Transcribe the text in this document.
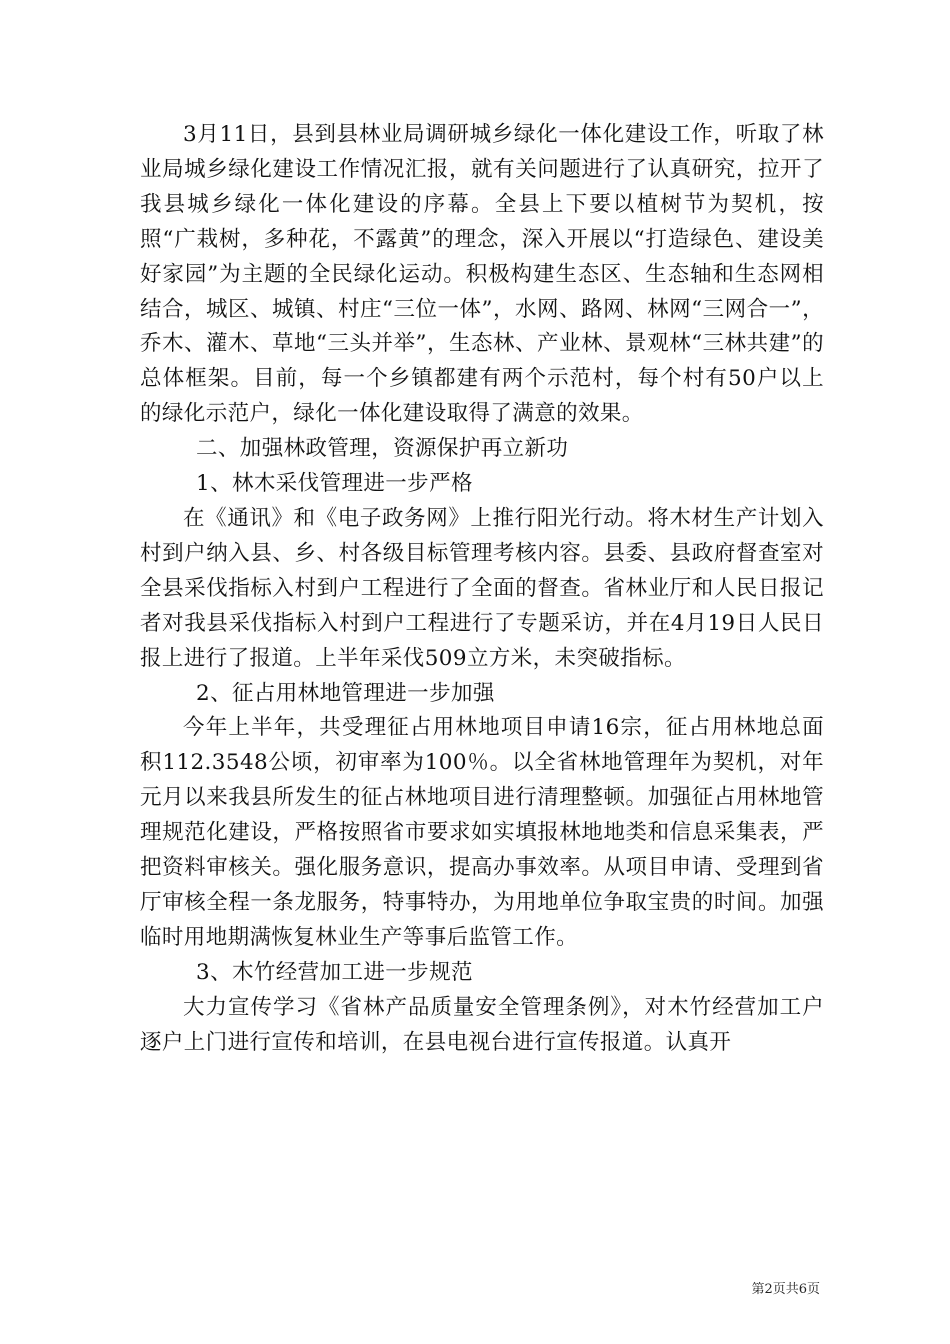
3月11日，县到县林业局调研城乡绿化一体化建设工作，听取了林业局城乡绿化建设工作情况汇报，就有关问题进行了认真研究，拉开了我县城乡绿化一体化建设的序幕。全县上下要以植树节为契机，按照“广栽树，多种花，不露黄”的理念，深入开展以“打造绿色、建设美好家园”为主题的全民绿化运动。积极构建生态区、生态轴和生态网相结合，城区、城镇、村庄“三位一体”，水网、路网、林网“三网合一”，乔木、灌木、草地“三头并举”，生态林、产业林、景观林“三林共建”的总体框架。目前，每一个乡镇都建有两个示范村，每个村有50户以上的绿化示范户，绿化一体化建设取得了满意的效果。

二、加强林政管理，资源保护再立新功

1、林木采伐管理进一步严格

在《通讯》和《电子政务网》上推行阳光行动。将木材生产计划入村到户纳入县、乡、村各级目标管理考核内容。县委、县政府督查室对全县采伐指标入村到户工程进行了全面的督查。省林业厅和人民日报记者对我县采伐指标入村到户工程进行了专题采访，并在4月19日人民日报上进行了报道。上半年采伐509立方米，未突破指标。

2、征占用林地管理进一步加强

今年上半年，共受理征占用林地项目申请16宗，征占用林地总面积112.3548公顷，初审率为100％。以全省林地管理年为契机，对年元月以来我县所发生的征占林地项目进行清理整顿。加强征占用林地管理规范化建设，严格按照省市要求如实填报林地地类和信息采集表，严把资料审核关。强化服务意识，提高办事效率。从项目申请、受理到省厅审核全程一条龙服务，特事特办，为用地单位争取宝贵的时间。加强临时用地期满恢复林业生产等事后监管工作。

3、木竹经营加工进一步规范

大力宣传学习《省林产品质量安全管理条例》，对木竹经营加工户逐户上门进行宣传和培训，在县电视台进行宣传报道。认真开

第2页共6页
